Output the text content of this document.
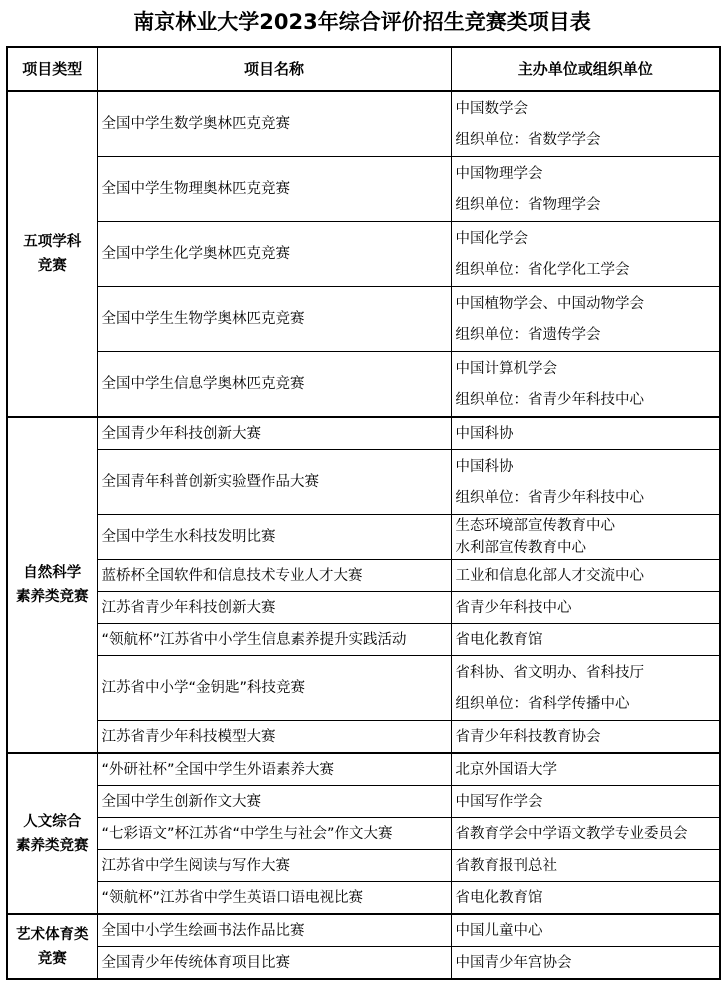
南京林业大学2023年综合评价招生竞赛类项目表
项目类型	项目名称	主办单位或组织单位

五项学科
竞赛	全国中学生数学奥林匹克竞赛	中国数学会
组织单位：省数学学会

	全国中学生物理奥林匹克竞赛	中国物理学会
组织单位：省物理学会

	全国中学生化学奥林匹克竞赛	中国化学会
组织单位：省化学化工学会

	全国中学生生物学奥林匹克竞赛	中国植物学会、中国动物学会
组织单位：省遗传学会

	全国中学生信息学奥林匹克竞赛	中国计算机学会
组织单位：省青少年科技中心

自然科学
素养类竞赛	全国青少年科技创新大赛	中国科协

	全国青年科普创新实验暨作品大赛	中国科协
组织单位：省青少年科技中心

	全国中学生水科技发明比赛	生态环境部宣传教育中心
水利部宣传教育中心

	蓝桥杯全国软件和信息技术专业人才大赛	工业和信息化部人才交流中心

	江苏省青少年科技创新大赛	省青少年科技中心

	“领航杯”江苏省中小学生信息素养提升实践活动	省电化教育馆

	江苏省中小学“金钥匙”科技竞赛	省科协、省文明办、省科技厅
组织单位：省科学传播中心

	江苏省青少年科技模型大赛	省青少年科技教育协会

人文综合
素养类竞赛	“外研社杯”全国中学生外语素养大赛	北京外国语大学

	全国中学生创新作文大赛	中国写作学会

	“七彩语文”杯江苏省“中学生与社会”作文大赛	省教育学会中学语文教学专业委员会

	江苏省中学生阅读与写作大赛	省教育报刊总社

	“领航杯”江苏省中学生英语口语电视比赛	省电化教育馆

艺术体育类
竞赛	全国中小学生绘画书法作品比赛	中国儿童中心

	全国青少年传统体育项目比赛	中国青少年宫协会
